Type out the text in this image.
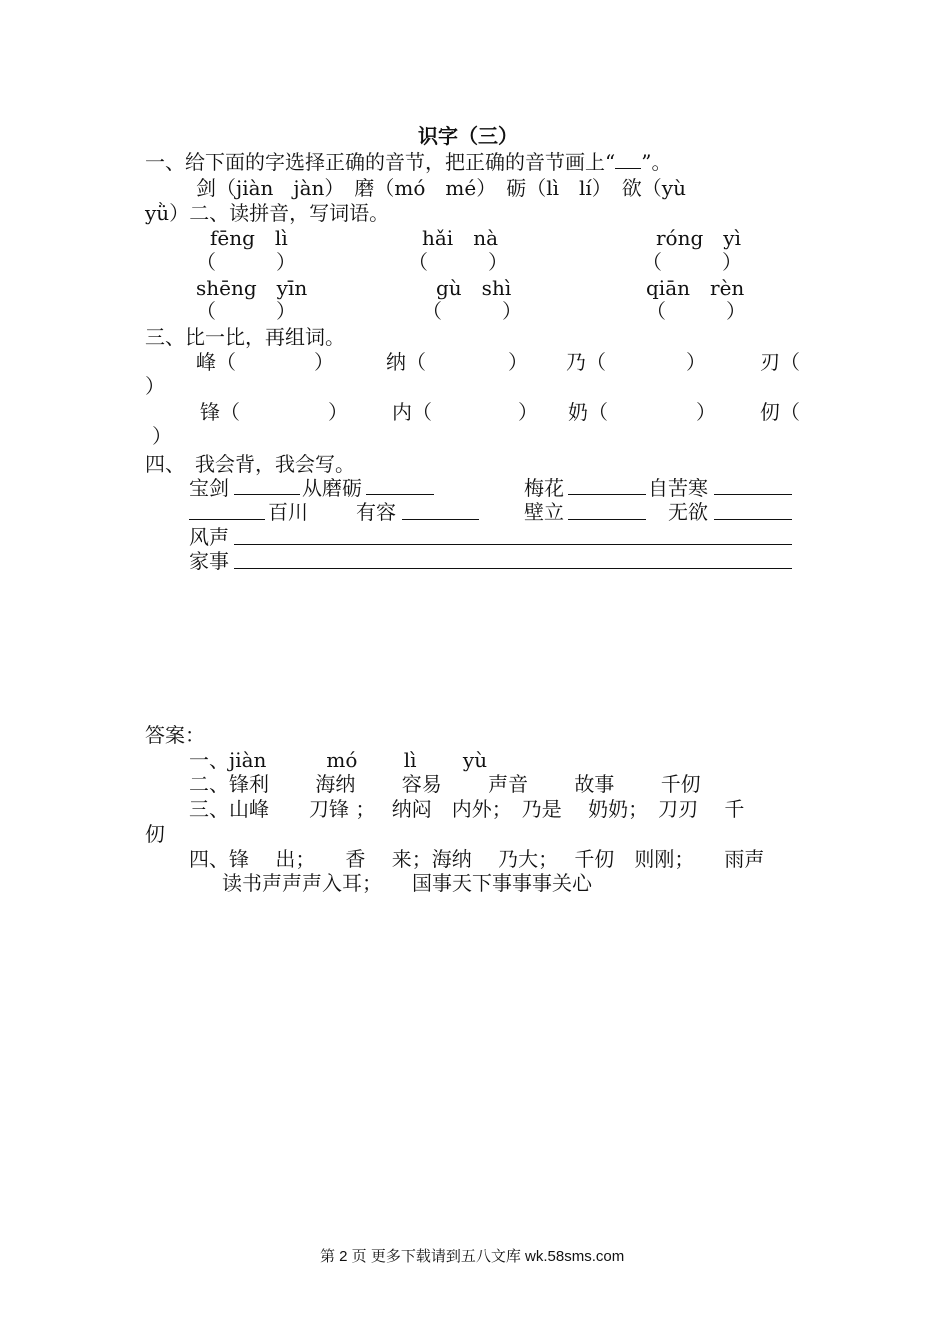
识字（三）
一、给下面的字选择正确的音节，把正确的音节画上“ ”。
剑（jiàn　jàn）　磨（mó　mé）　砺（lì　lí）　欲（yù
yǜ）二、读拼音，写词语。
fēng　lì	hǎi　nà	róng　yì
（　　　）	（　　　）	（　　　）
shēng　yīn	gù　shì	qiān　rèn
（　　　）	（　　　）	（　　　）
三、比一比，再组词。
峰（	）	纳（	） 乃（	）	刃（
）
锋（	） 内（	） 奶（	） 仞（
）
四、　我会背，我会写。
宝剑	从磨砺	梅花	自苦寒
百川 有容	壁立	无欲
风声
家事
答案：
一、jiàn　　　mó　　 lì　　 yù
二、锋利　　 海纳　　 容易　　 声音　　 故事　　 千仞
三、山峰　　刀锋 ；　 纳闷　内外；　乃是　 奶奶；　刀刃　 千
仞
四、锋　 出；　　香　 来；海纳　 乃大；　 千仞　则刚；　　雨声
读书声声声入耳；　　国事天下事事事关心
第 2 页 更多下载请到五八文库 wk.58sms.com
